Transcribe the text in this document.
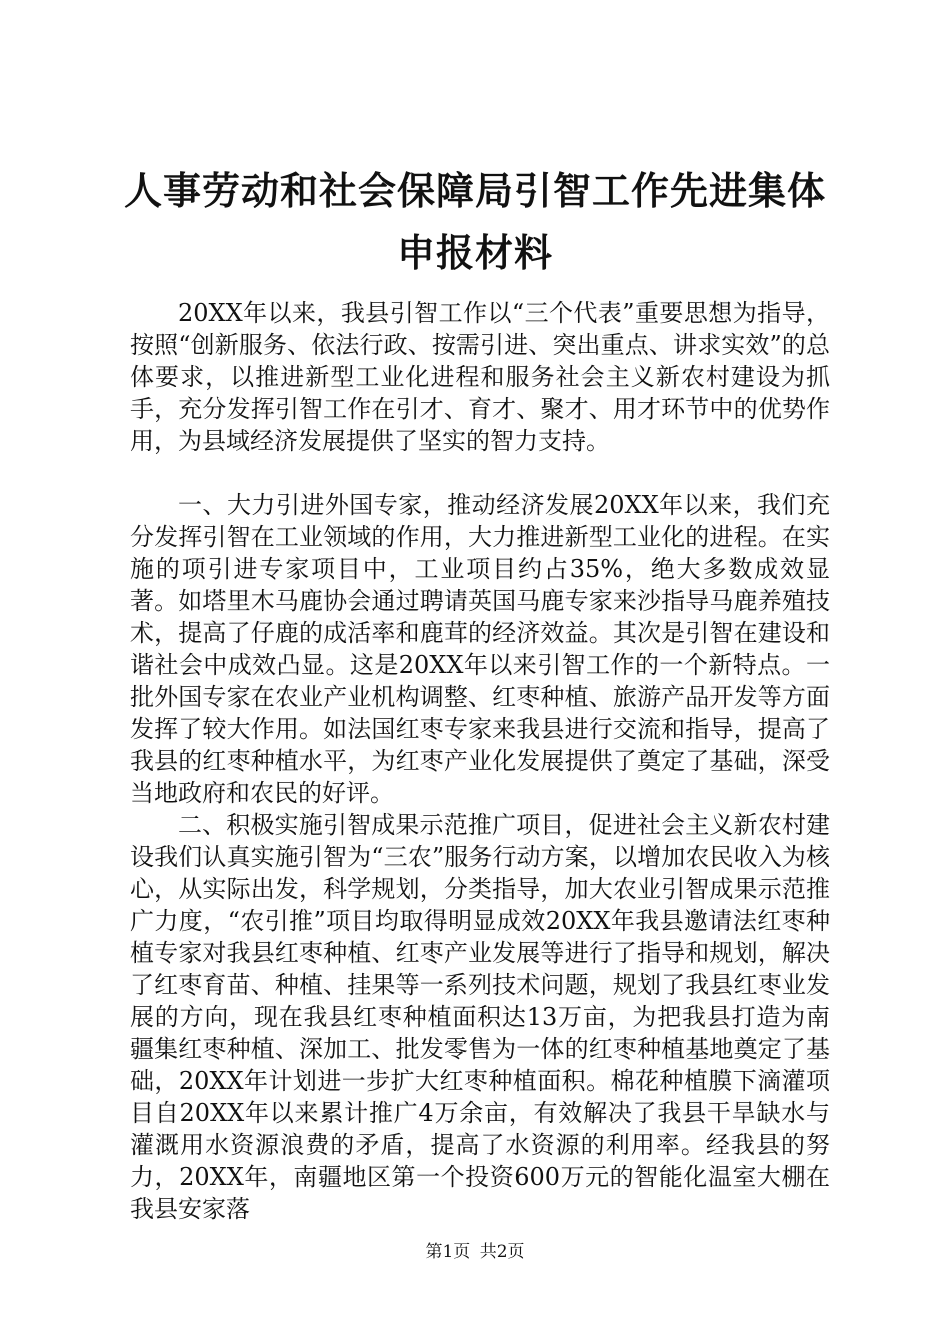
人事劳动和社会保障局引智工作先进集体申报材料

20XX年以来，我县引智工作以“三个代表”重要思想为指导，按照“创新服务、依法行政、按需引进、突出重点、讲求实效”的总体要求，以推进新型工业化进程和服务社会主义新农村建设为抓手，充分发挥引智工作在引才、育才、聚才、用才环节中的优势作用，为县域经济发展提供了坚实的智力支持。

一、大力引进外国专家，推动经济发展20XX年以来，我们充分发挥引智在工业领域的作用，大力推进新型工业化的进程。在实施的项引进专家项目中，工业项目约占35%，绝大多数成效显著。如塔里木马鹿协会通过聘请英国马鹿专家来沙指导马鹿养殖技术，提高了仔鹿的成活率和鹿茸的经济效益。其次是引智在建设和谐社会中成效凸显。这是20XX年以来引智工作的一个新特点。一批外国专家在农业产业机构调整、红枣种植、旅游产品开发等方面发挥了较大作用。如法国红枣专家来我县进行交流和指导，提高了我县的红枣种植水平，为红枣产业化发展提供了奠定了基础，深受当地政府和农民的好评。

二、积极实施引智成果示范推广项目，促进社会主义新农村建设我们认真实施引智为“三农”服务行动方案，以增加农民收入为核心，从实际出发，科学规划，分类指导，加大农业引智成果示范推广力度，“农引推”项目均取得明显成效20XX年我县邀请法红枣种植专家对我县红枣种植、红枣产业发展等进行了指导和规划，解决了红枣育苗、种植、挂果等一系列技术问题，规划了我县红枣业发展的方向，现在我县红枣种植面积达13万亩，为把我县打造为南疆集红枣种植、深加工、批发零售为一体的红枣种植基地奠定了基础，20XX年计划进一步扩大红枣种植面积。棉花种植膜下滴灌项目自20XX年以来累计推广4万余亩，有效解决了我县干旱缺水与灌溉用水资源浪费的矛盾，提高了水资源的利用率。经我县的努力，20XX年，南疆地区第一个投资600万元的智能化温室大棚在我县安家落

第1页 共2页
